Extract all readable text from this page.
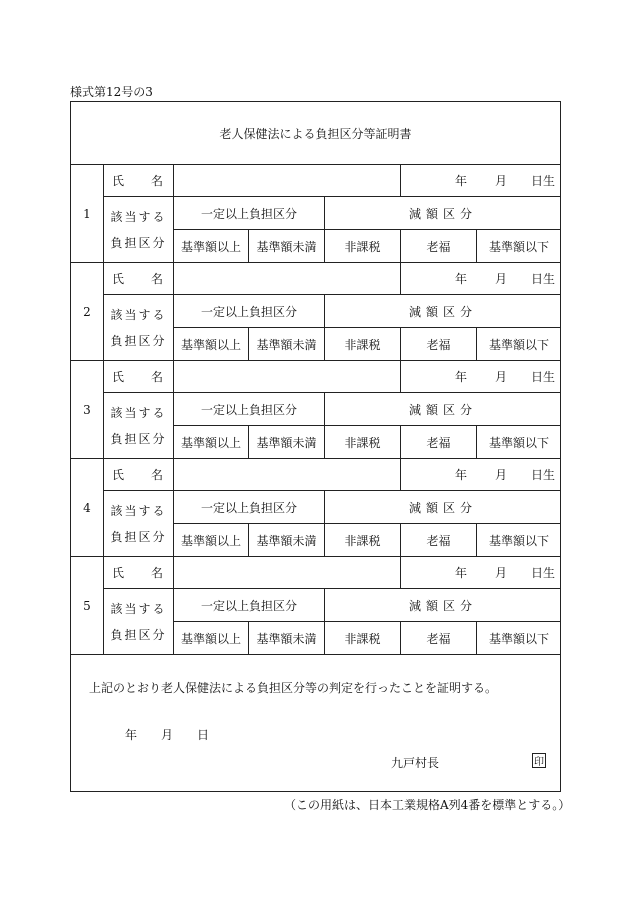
様式第12号の3
老人保健法による負担区分等証明書
1
氏 名	年 月 日生
該当する
負担区分
一定以上負担区分	減額区分
基準額以上	基準額未満	非課税	老福	基準額以下
2
氏 名	年 月 日生
該当する
負担区分
一定以上負担区分	減額区分
基準額以上	基準額未満	非課税	老福	基準額以下
3
氏 名	年 月 日生
該当する
負担区分
一定以上負担区分	減額区分
基準額以上	基準額未満	非課税	老福	基準額以下
4
氏 名	年 月 日生
該当する
負担区分
一定以上負担区分	減額区分
基準額以上	基準額未満	非課税	老福	基準額以下
5
氏 名	年 月 日生
該当する
負担区分
一定以上負担区分	減額区分
基準額以上	基準額未満	非課税	老福	基準額以下
上記のとおり老人保健法による負担区分等の判定を行ったことを証明する。
年 月 日
九戸村長	印
（この用紙は、日本工業規格A列4番を標準とする。）
